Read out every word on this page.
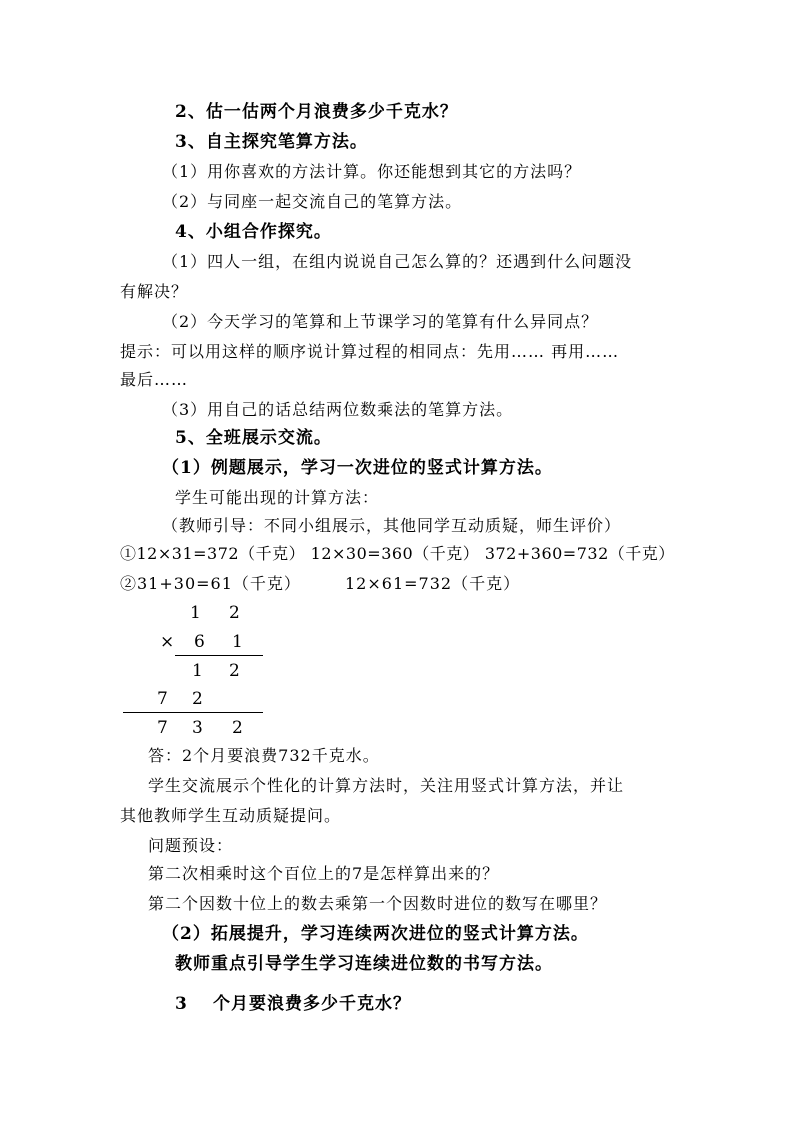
2、估一估两个月浪费多少千克水？
3、自主探究笔算方法。
（1）用你喜欢的方法计算。你还能想到其它的方法吗？
（2）与同座一起交流自己的笔算方法。
4、小组合作探究。
（1）四人一组，在组内说说自己怎么算的？还遇到什么问题没
有解决？
（2）今天学习的笔算和上节课学习的笔算有什么异同点？
提示：可以用这样的顺序说计算过程的相同点：先用…… 再用……
最后……
（3）用自己的话总结两位数乘法的笔算方法。
5、全班展示交流。
（1）例题展示，学习一次进位的竖式计算方法。
学生可能出现的计算方法：
（教师引导：不同小组展示，其他同学互动质疑，师生评价）
①12×31=372（千克） 12×30=360（千克） 372+360=732（千克）
②31+30=61（千克）	12×61=732（千克）
1 2
× 6 1
1 2
7 2
7 3 2
答：2个月要浪费732千克水。
学生交流展示个性化的计算方法时，关注用竖式计算方法，并让
其他教师学生互动质疑提问。
问题预设：
第二次相乘时这个百位上的7是怎样算出来的？
第二个因数十位上的数去乘第一个因数时进位的数写在哪里？
（2）拓展提升，学习连续两次进位的竖式计算方法。
教师重点引导学生学习连续进位数的书写方法。
3 个月要浪费多少千克水？
